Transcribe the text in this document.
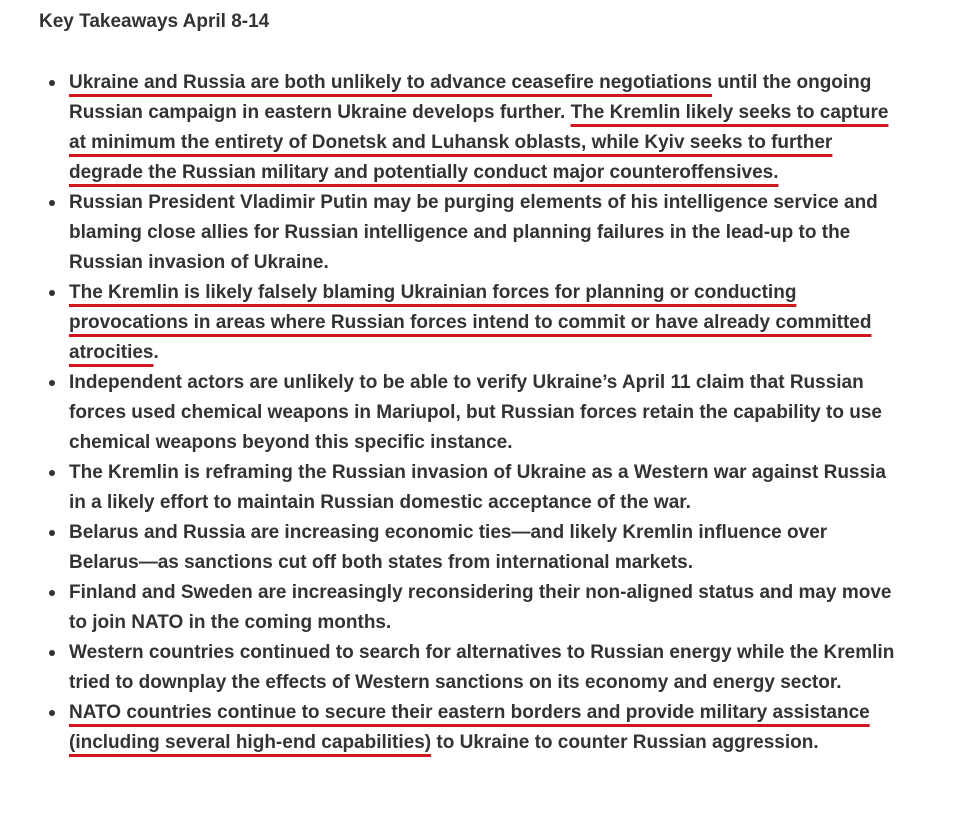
Key Takeaways April 8-14
Ukraine and Russia are both unlikely to advance ceasefire negotiations until the ongoing Russian campaign in eastern Ukraine develops further. The Kremlin likely seeks to capture at minimum the entirety of Donetsk and Luhansk oblasts, while Kyiv seeks to further degrade the Russian military and potentially conduct major counteroffensives.
Russian President Vladimir Putin may be purging elements of his intelligence service and blaming close allies for Russian intelligence and planning failures in the lead-up to the Russian invasion of Ukraine.
The Kremlin is likely falsely blaming Ukrainian forces for planning or conducting provocations in areas where Russian forces intend to commit or have already committed atrocities.
Independent actors are unlikely to be able to verify Ukraine’s April 11 claim that Russian forces used chemical weapons in Mariupol, but Russian forces retain the capability to use chemical weapons beyond this specific instance.
The Kremlin is reframing the Russian invasion of Ukraine as a Western war against Russia in a likely effort to maintain Russian domestic acceptance of the war.
Belarus and Russia are increasing economic ties—and likely Kremlin influence over Belarus—as sanctions cut off both states from international markets.
Finland and Sweden are increasingly reconsidering their non-aligned status and may move to join NATO in the coming months.
Western countries continued to search for alternatives to Russian energy while the Kremlin tried to downplay the effects of Western sanctions on its economy and energy sector.
NATO countries continue to secure their eastern borders and provide military assistance (including several high-end capabilities) to Ukraine to counter Russian aggression.
